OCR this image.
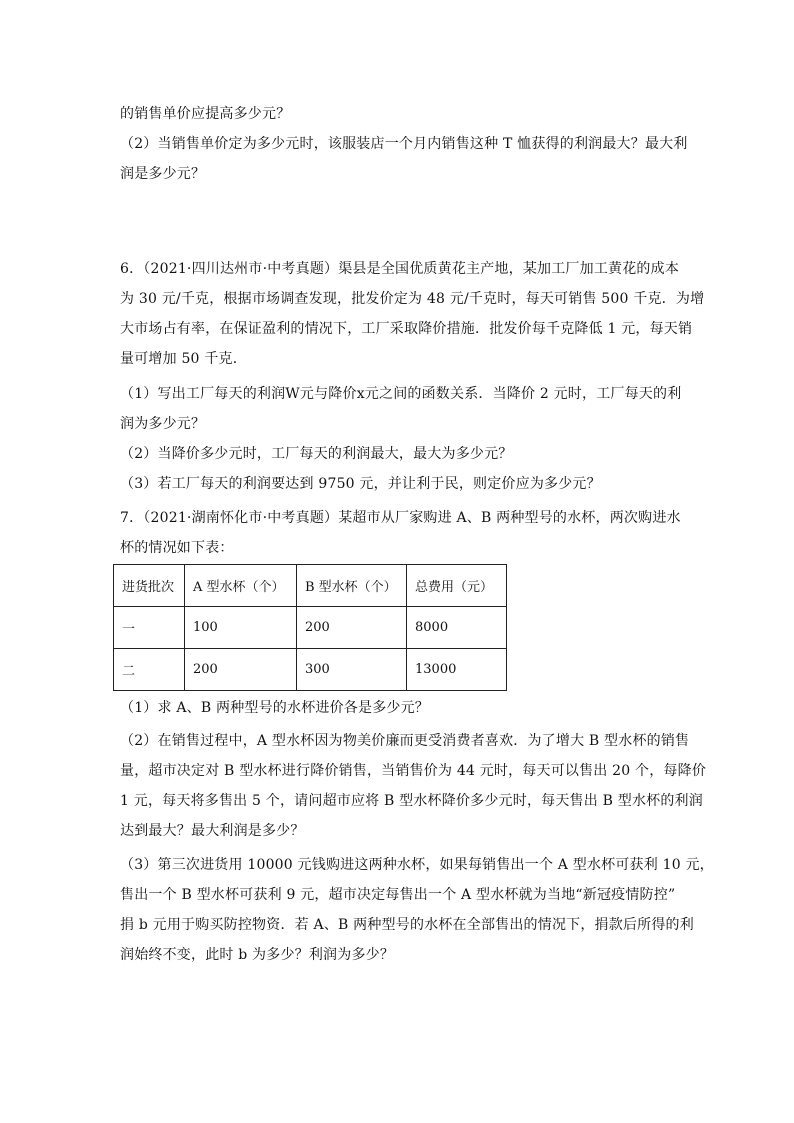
的销售单价应提高多少元？
（2）当销售单价定为多少元时，该服装店一个月内销售这种 T 恤获得的利润最大？最大利
润是多少元？
6．（2021·四川达州市·中考真题）渠县是全国优质黄花主产地，某加工厂加工黄花的成本
为 30 元/千克，根据市场调查发现，批发价定为 48 元/千克时，每天可销售 500 千克．为增
大市场占有率，在保证盈利的情况下，工厂采取降价措施．批发价每千克降低 1 元，每天销
量可增加 50 千克．
（1）写出工厂每天的利润W元与降价x元之间的函数关系．当降价 2 元时，工厂每天的利
润为多少元？
（2）当降价多少元时，工厂每天的利润最大，最大为多少元？
（3）若工厂每天的利润要达到 9750 元，并让利于民，则定价应为多少元？
7．（2021·湖南怀化市·中考真题）某超市从厂家购进 A、B 两种型号的水杯，两次购进水
杯的情况如下表：
进货批次	A 型水杯（个）	B 型水杯（个）	总费用（元）
一	100	200	8000
二	200	300	13000
（1）求 A、B 两种型号的水杯进价各是多少元？
（2）在销售过程中，A 型水杯因为物美价廉而更受消费者喜欢．为了增大 B 型水杯的销售
量，超市决定对 B 型水杯进行降价销售，当销售价为 44 元时，每天可以售出 20 个，每降价
1 元，每天将多售出 5 个，请问超市应将 B 型水杯降价多少元时，每天售出 B 型水杯的利润
达到最大？最大利润是多少？
（3）第三次进货用 10000 元钱购进这两种水杯，如果每销售出一个 A 型水杯可获利 10 元，
售出一个 B 型水杯可获利 9 元，超市决定每售出一个 A 型水杯就为当地“新冠疫情防控”
捐 b 元用于购买防控物资．若 A、B 两种型号的水杯在全部售出的情况下，捐款后所得的利
润始终不变，此时 b 为多少？利润为多少？
